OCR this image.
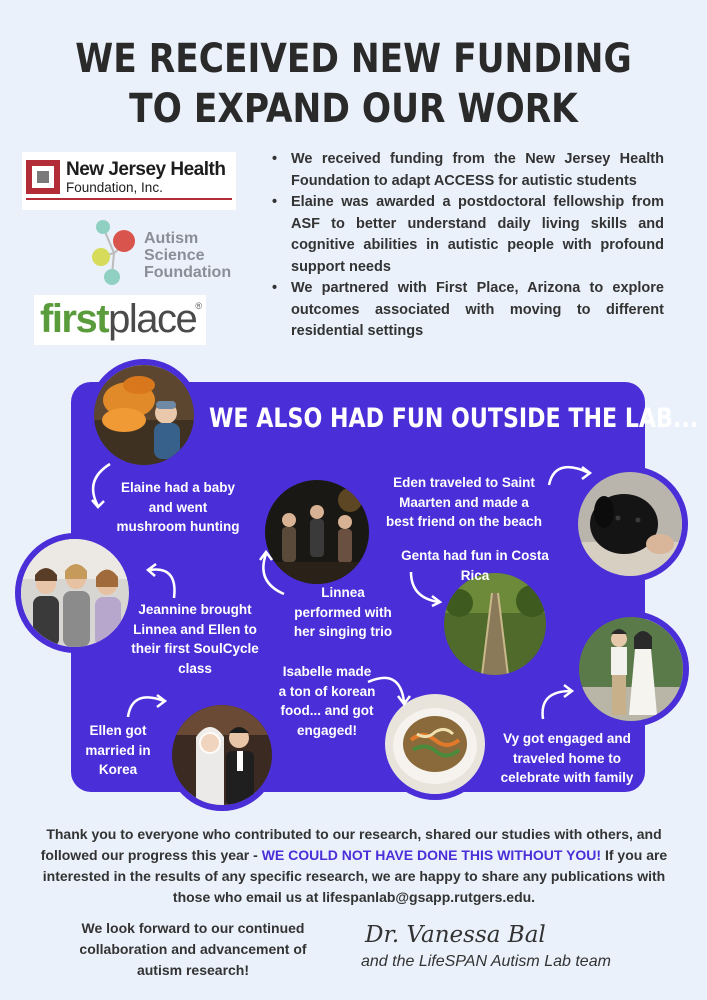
WE RECEIVED NEW FUNDING
TO EXPAND OUR WORK
New Jersey Health
Foundation, Inc.
Autism
Science
Foundation
firstplace ®
• We received funding from the New Jersey Health Foundation to adapt ACCESS for autistic students
• Elaine was awarded a postdoctoral fellowship from ASF to better understand daily living skills and cognitive abilities in autistic people with profound support needs
• We partnered with First Place, Arizona to explore outcomes associated with moving to different residential settings
WE ALSO HAD FUN OUTSIDE THE LAB...
Elaine had a baby and went mushroom hunting
Jeannine brought Linnea and Ellen to their first SoulCycle class
Ellen got married in Korea
Linnea performed with her singing trio
Isabelle made a ton of korean food... and got engaged!
Eden traveled to Saint Maarten and made a best friend on the beach
Genta had fun in Costa Rica
Vy got engaged and traveled home to celebrate with family
Thank you to everyone who contributed to our research, shared our studies with others, and followed our progress this year - WE COULD NOT HAVE DONE THIS WITHOUT YOU! If you are interested in the results of any specific research, we are happy to share any publications with those who email us at lifespanlab@gsapp.rutgers.edu.
We look forward to our continued collaboration and advancement of autism research!
Dr. Vanessa Bal
and the LifeSPAN Autism Lab team
